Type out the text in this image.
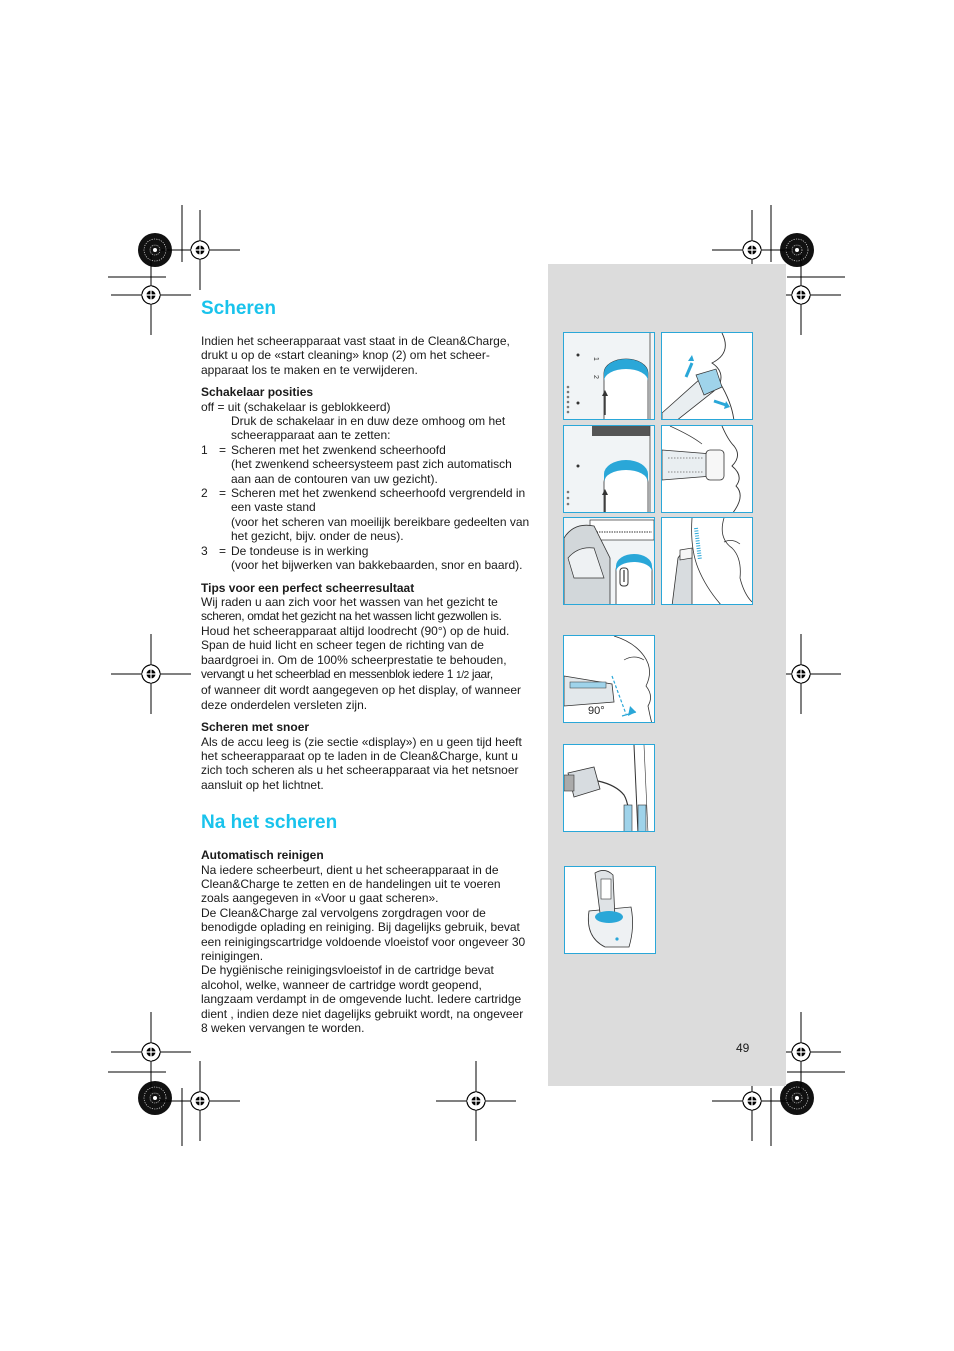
Scheren

Indien het scheerapparaat vast staat in de Clean&Charge, drukt u op de «start cleaning» knop (2) om het scheer-apparaat los te maken en te verwijderen.

Schakelaar posities

off = uit (schakelaar is geblokkeerd)

Druk de schakelaar in en duw deze omhoog om het scheerapparaat aan te zetten:

1 = Scheren met het zwenkend scheerhoofd
(het zwenkend scheersysteem past zich automatisch aan aan de contouren van uw gezicht).
2 = Scheren met het zwenkend scheerhoofd vergrendeld in een vaste stand
(voor het scheren van moeilijk bereikbare gedeelten van het gezicht, bijv. onder de neus).
3 = De tondeuse is in werking
(voor het bijwerken van bakkebaarden, snor en baard).

Tips voor een perfect scheerresultaat

Wij raden u aan zich voor het wassen van het gezicht te

scheren, omdat het gezicht na het wassen licht gezwollen is.

Houd het scheerapparaat altijd loodrecht (90°) op de huid. Span de huid licht en scheer tegen de richting van de baardgroei in. Om de 100% scheerprestatie te behouden,

vervangt u het scheerblad en messenblok iedere 1 1/2 jaar,

of wanneer dit wordt aangegeven op het display, of wanneer deze onderdelen versleten zijn.

Scheren met snoer

Als de accu leeg is (zie sectie «display») en u geen tijd heeft het scheerapparaat op te laden in de Clean&Charge, kunt u zich toch scheren als u het scheerapparaat via het netsnoer aansluit op het lichtnet.

Na het scheren

Automatisch reinigen

Na iedere scheerbeurt, dient u het scheerapparaat in de Clean&Charge te zetten en de handelingen uit te voeren zoals aangegeven in «Voor u gaat scheren».

De Clean&Charge zal vervolgens zorgdragen voor de benodigde oplading en reiniging. Bij dagelijks gebruik, bevat een reinigingscartridge voldoende vloeistof voor ongeveer 30 reinigingen.

De hygiënische reinigingsvloeistof in de cartridge bevat alcohol, welke, wanneer de cartridge wordt geopend, langzaam verdampt in de omgevende lucht. Iedere cartridge dient , indien deze niet dagelijks gebruikt wordt, na ongeveer 8 weken vervangen te worden.

1
2
90°
49
